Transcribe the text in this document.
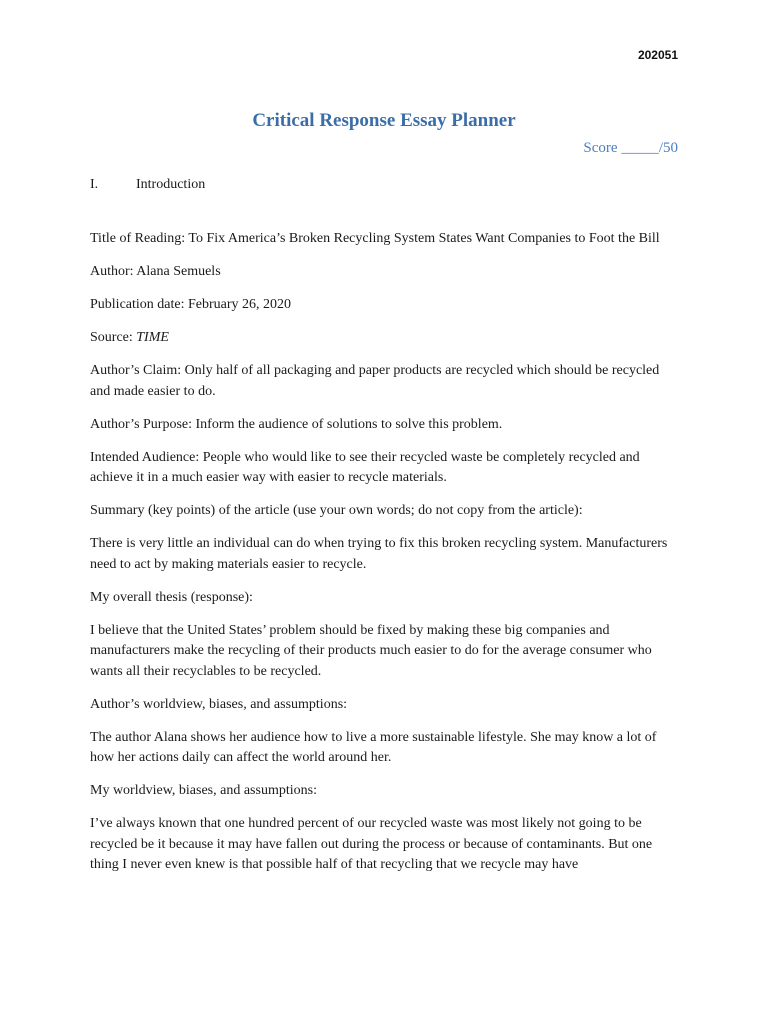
202051
Critical Response Essay Planner
Score _____/50
I.	Introduction

Title of Reading: To Fix America’s Broken Recycling System States Want Companies to Foot the Bill

Author: Alana Semuels

Publication date: February 26, 2020

Source: TIME

Author’s Claim: Only half of all packaging and paper products are recycled which should be recycled and made easier to do.

Author’s Purpose: Inform the audience of solutions to solve this problem.

Intended Audience: People who would like to see their recycled waste be completely recycled and achieve it in a much easier way with easier to recycle materials.

Summary (key points) of the article (use your own words; do not copy from the article):

There is very little an individual can do when trying to fix this broken recycling system. Manufacturers need to act by making materials easier to recycle.

My overall thesis (response):

I believe that the United States’ problem should be fixed by making these big companies and manufacturers make the recycling of their products much easier to do for the average consumer who wants all their recyclables to be recycled.

Author’s worldview, biases, and assumptions:

The author Alana shows her audience how to live a more sustainable lifestyle. She may know a lot of how her actions daily can affect the world around her.

My worldview, biases, and assumptions:

I’ve always known that one hundred percent of our recycled waste was most likely not going to be recycled be it because it may have fallen out during the process or because of contaminants. But one thing I never even knew is that possible half of that recycling that we recycle may have
